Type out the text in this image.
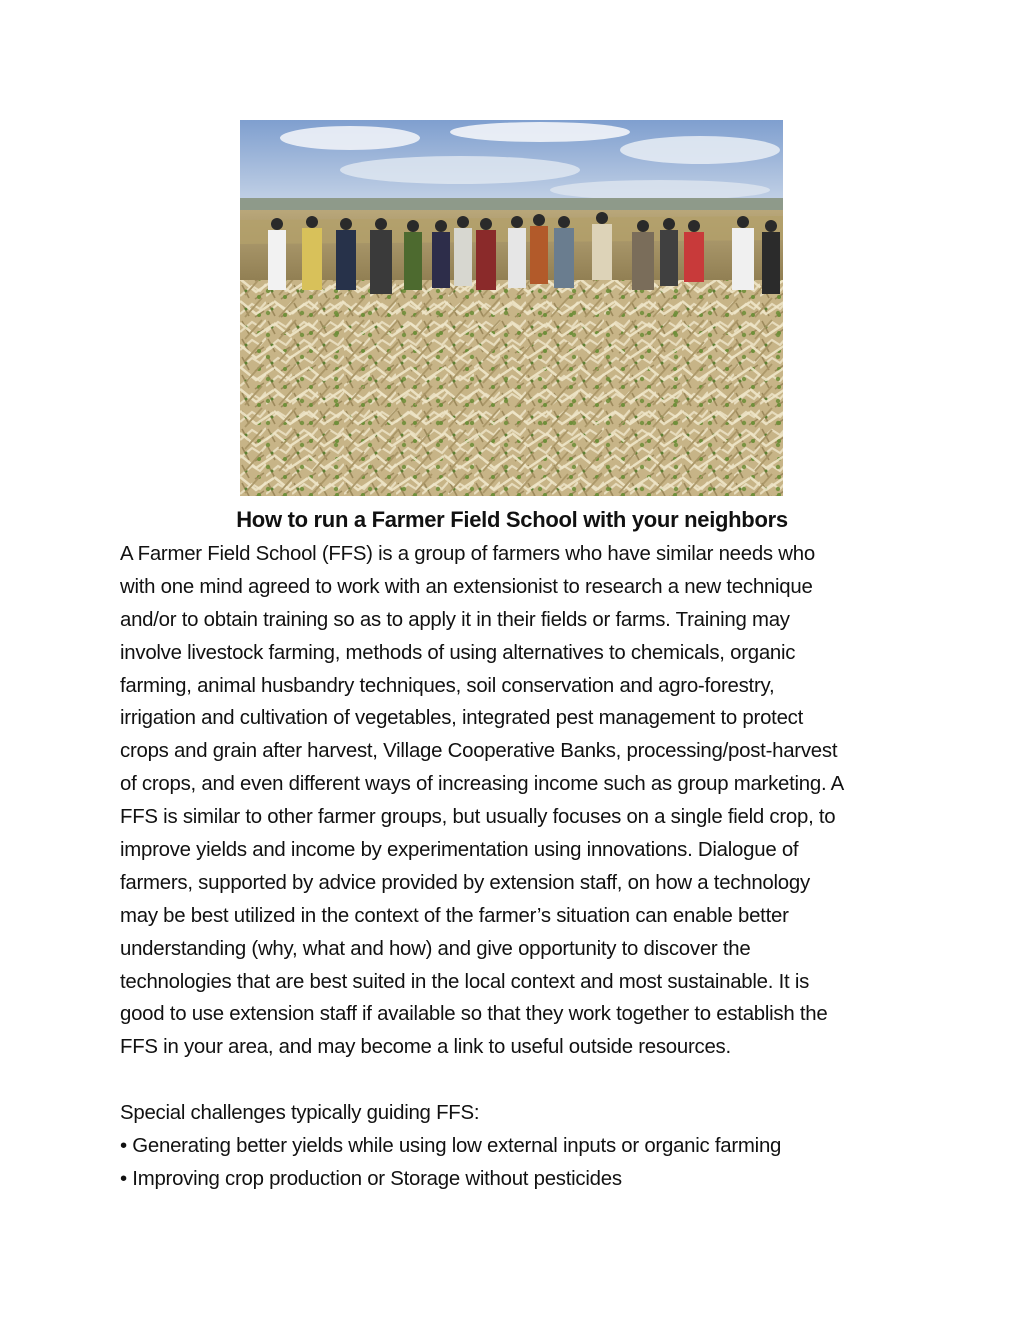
How to run a Farmer Field School with your neighbors
A Farmer Field School (FFS) is a group of farmers who have similar needs who
with one mind agreed to work with an extensionist to research a new technique
and/or to obtain training so as to apply it in their fields or farms. Training may
involve livestock farming, methods of using alternatives to chemicals, organic
farming, animal husbandry techniques, soil conservation and agro-forestry,
irrigation and cultivation of vegetables, integrated pest management to protect
crops and grain after harvest, Village Cooperative Banks, processing/post-harvest
of crops, and even different ways of increasing income such as group marketing. A
FFS is similar to other farmer groups, but usually focuses on a single field crop, to
improve yields and income by experimentation using innovations. Dialogue of
farmers, supported by advice provided by extension staff, on how a technology
may be best utilized in the context of the farmer’s situation can enable better
understanding (why, what and how) and give opportunity to discover the
technologies that are best suited in the local context and most sustainable. It is
good to use extension staff if available so that they work together to establish the
FFS in your area, and may become a link to useful outside resources.
Special challenges typically guiding FFS:
• Generating better yields while using low external inputs or organic farming
• Improving crop production or Storage without pesticides
